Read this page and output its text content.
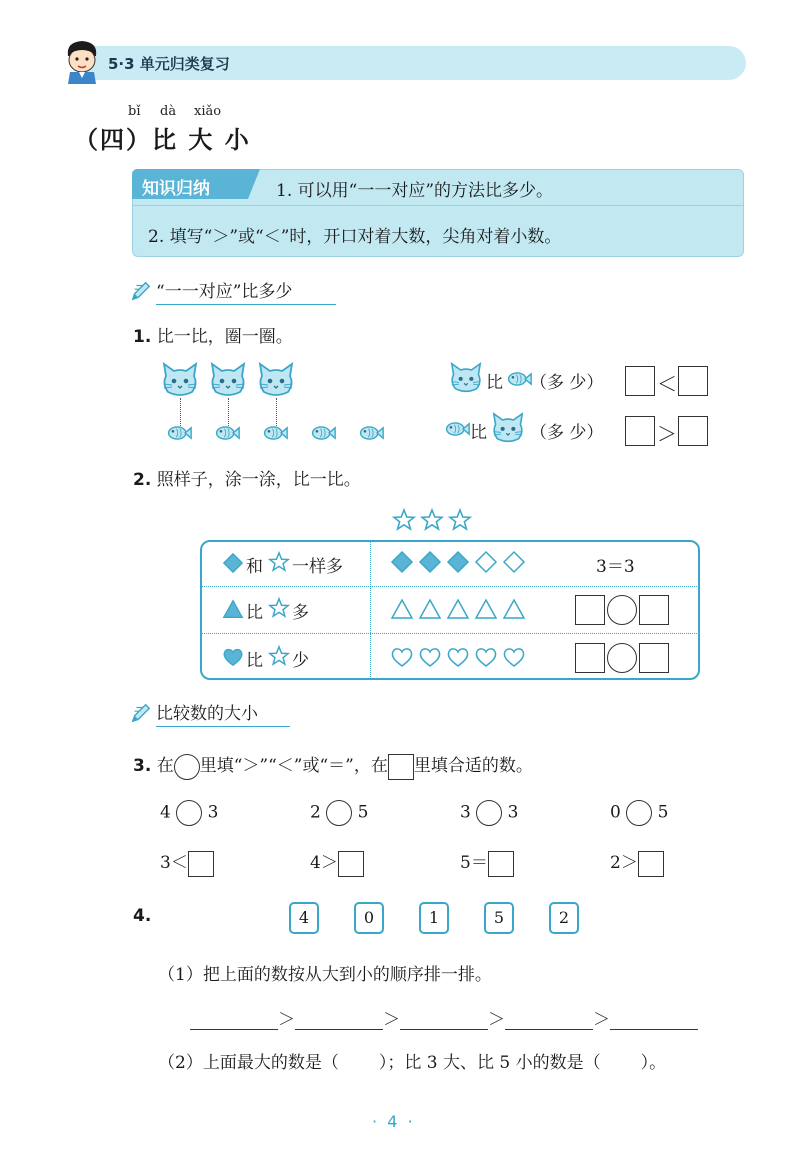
5·3 单元归类复习
bǐ dà xiǎo
（四）比 大 小
知识归纳	1. 可以用“一一对应”的方法比多少。
2. 填写“＞”或“＜”时，开口对着大数，尖角对着小数。
“一一对应”比多少
1. 比一比，圈一圈。
比 （多 少）	＜
比	（多 少）	＞
2. 照样子，涂一涂，比一比。
和 一样多	3＝3
比 多
比 少
比较数的大小
3. 在 里填“＞”“＜”或“＝”，在 里填合适的数。
4 3	2 5	3 3	0 5
3＜	4＞	5＝	2＞
4.	4	0	1	5	2
（1）把上面的数按从大到小的顺序排一排。
＞	＞	＞	＞
（2）上面最大的数是（ ）；比 3 大、比 5 小的数是（ ）。
· 4 ·
